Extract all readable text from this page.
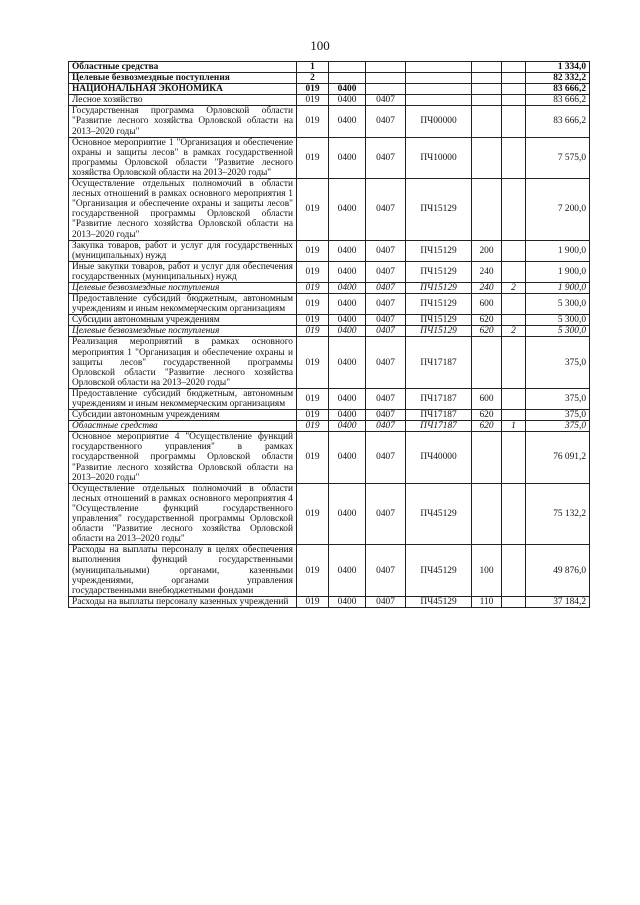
100
Областные средства	1						1 334,0
Целевые безвозмездные поступления	2						82 332,2
НАЦИОНАЛЬНАЯ ЭКОНОМИКА	019	0400					83 666,2
Лесное хозяйство	019	0400	0407				83 666,2
Государственная программа Орловской области "Развитие лесного хозяйства Орловской области на 2013–2020 годы"	019	0400	0407	ПЧ00000			83 666,2
Основное мероприятие 1 "Организация и обеспечение охраны и защиты лесов" в рамках государственной программы Орловской области "Развитие лесного хозяйства Орловской области на 2013–2020 годы"	019	0400	0407	ПЧ10000			7 575,0
Осуществление отдельных полномочий в области лесных отношений в рамках основного мероприятия 1 "Организация и обеспечение охраны и защиты лесов" государственной программы Орловской области "Развитие лесного хозяйства Орловской области на 2013–2020 годы"	019	0400	0407	ПЧ15129			7 200,0
Закупка товаров, работ и услуг для государственных (муниципальных) нужд	019	0400	0407	ПЧ15129	200		1 900,0
Иные закупки товаров, работ и услуг для обеспечения государственных (муниципальных) нужд	019	0400	0407	ПЧ15129	240		1 900,0
Целевые безвозмездные поступления	019	0400	0407	ПЧ15129	240	2	1 900,0
Предоставление субсидий бюджетным, автономным учреждениям и иным некоммерческим организациям	019	0400	0407	ПЧ15129	600		5 300,0
Субсидии автономным учреждениям	019	0400	0407	ПЧ15129	620		5 300,0
Целевые безвозмездные поступления	019	0400	0407	ПЧ15129	620	2	5 300,0
Реализация мероприятий в рамках основного мероприятия 1 "Организация и обеспечение охраны и защиты лесов" государственной программы Орловской области "Развитие лесного хозяйства Орловской области на 2013–2020 годы"	019	0400	0407	ПЧ17187			375,0
Предоставление субсидий бюджетным, автономным учреждениям и иным некоммерческим организациям	019	0400	0407	ПЧ17187	600		375,0
Субсидии автономным учреждениям	019	0400	0407	ПЧ17187	620		375,0
Областные средства	019	0400	0407	ПЧ17187	620	1	375,0
Основное мероприятие 4 "Осуществление функций государственного управления" в рамках государственной программы Орловской области "Развитие лесного хозяйства Орловской области на 2013–2020 годы"	019	0400	0407	ПЧ40000			76 091,2
Осуществление отдельных полномочий в области лесных отношений в рамках основного мероприятия 4 "Осуществление функций государственного управления" государственной программы Орловской области "Развитие лесного хозяйства Орловской области на 2013–2020 годы"	019	0400	0407	ПЧ45129			75 132,2
Расходы на выплаты персоналу в целях обеспечения выполнения функций государственными (муниципальными) органами, казенными учреждениями, органами управления государственными внебюджетными фондами	019	0400	0407	ПЧ45129	100		49 876,0
Расходы на выплаты персоналу казенных учреждений	019	0400	0407	ПЧ45129	110		37 184,2
